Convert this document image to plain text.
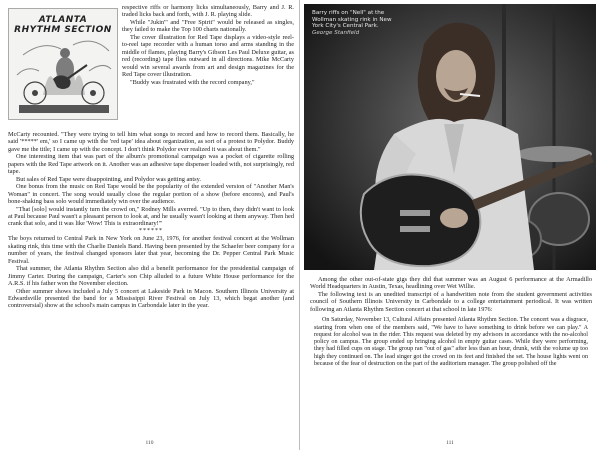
ATLANTA
RHYTHM SECTION

respective riffs or harmony licks simultaneously, Barry and J. R. traded licks back and forth, with J. R. playing slide.

While "Jukin'" and "Free Spirit" would be released as singles, they failed to make the Top 100 charts nationally.

The cover illustration for Red Tape displays a video-style reel-to-reel tape recorder with a human torso and arms standing in the middle of flames, playing Barry's Gibson Les Paul Deluxe guitar, as red (recording) tape flies outward in all directions. Mike McCarty would win several awards from art and design magazines for the Red Tape cover illustration.

"Buddy was frustrated with the record company,"

McCarty recounted. "They were trying to tell him what songs to record and how to record them. Basically, he said '*****' em,' so I came up with the 'red tape' idea about organization, as sort of a protest to Polydor. Buddy gave me the title; I came up with the concept. I don't think Polydor ever realized it was about them."

One interesting item that was part of the album's promotional campaign was a pocket of cigarette rolling papers with the Red Tape artwork on it. Another was an adhesive tape dispenser loaded with, not surprisingly, red tape.

But sales of Red Tape were disappointing, and Polydor was getting antsy.

One bonus from the music on Red Tape would be the popularity of the extended version of "Another Man's Woman" in concert. The song would usually close the regular portion of a show (before encores), and Paul's bone-shaking bass solo would immediately win over the audience.

"That [solo] would instantly turn the crowd on," Rodney Mills averred. "Up to then, they didn't want to look at Paul because Paul wasn't a pleasant person to look at, and he usually wasn't looking at them anyway. Then hed crank that solo, and it was like 'Wow! This is extraordinary!'"

******

The boys returned to Central Park in New York on June 23, 1976, for another festival concert at the Wollman skating rink, this time with the Charlie Daniels Band. Having been presented by the Schaefer beer company for a number of years, the festival changed sponsors later that year, becoming the Dr. Pepper Central Park Music Festival.

That summer, the Atlanta Rhythm Section also did a benefit performance for the presidential campaign of Jimmy Carter. During the campaign, Carter's son Chip alluded to a future White House performance for the A.R.S. if his father won the November election.

Other summer shows included a July 5 concert at Lakeside Park in Macon. Southern Illinois University at Edwardsville presented the band for a Mississippi River Festival on July 13, which begat another (and controversial) show at the school's main campus in Carbondale later in the year.

110
Barry riffs on "Nell" at the Wollman skating rink in New York City's Central Park. George Stanfield

Among the other out-of-state gigs they did that summer was an August 6 performance at the Armadillo World Headquarters in Austin, Texas, headlining over Wet Willie.

The following text is an unedited transcript of a handwritten note from the student government activities council of Southern Illinois University in Carbondale to a college entertainment periodical. It was written following an Atlanta Rhythm Section concert at that school in late 1976:

On Saturday, November 13, Cultural Affairs presented Atlanta Rhythm Section. The concert was a disgrace, starting from when one of the members said, "We have to have something to drink before we can play." A request for alcohol was in the rider. This request was deleted by my advisors in accordance with the no-alcohol policy on campus. The group ended up bringing alcohol in empty guitar cases. While they were performing, they had filled cups on stage. The group ran "out of gas" after less than an hour, drunk, with the volume up too high they continued on. The lead singer got the crowd on its feet and finished the set. The house lights went on because of the fear of destruction on the part of the auditorium manager. The group polished off the

111
